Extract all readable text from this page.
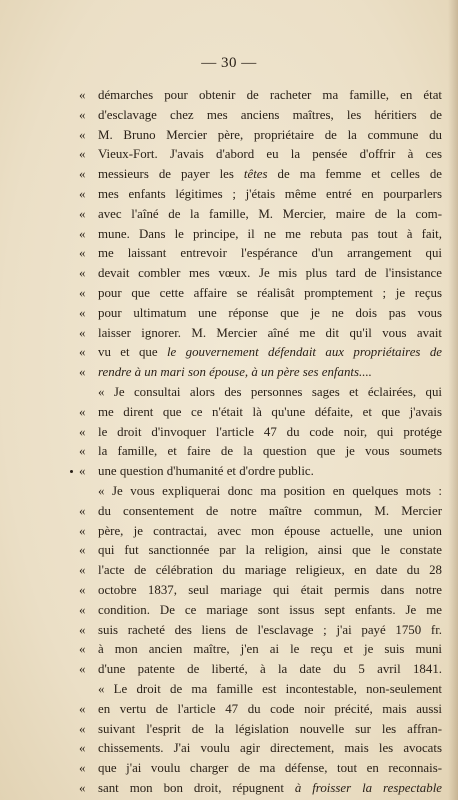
— 30 —
« démarches pour obtenir de racheter ma famille, en état
« d'esclavage chez mes anciens maîtres, les héritiers de
« M. Bruno Mercier père, propriétaire de la commune du
« Vieux-Fort. J'avais d'abord eu la pensée d'offrir à ces
« messieurs de payer les têtes de ma femme et celles de
« mes enfants légitimes ; j'étais même entré en pourparlers
« avec l'aîné de la famille, M. Mercier, maire de la com-
« mune. Dans le principe, il ne me rebuta pas tout à fait,
« me laissant entrevoir l'espérance d'un arrangement qui
« devait combler mes vœux. Je mis plus tard de l'insistance
« pour que cette affaire se réalisât promptement ; je reçus
« pour ultimatum une réponse que je ne dois pas vous
« laisser ignorer. M. Mercier aîné me dit qu'il vous avait
« vu et que le gouvernement défendait aux propriétaires de
« rendre à un mari son épouse, à un père ses enfants....
« Je consultai alors des personnes sages et éclairées, qui
« me dirent que ce n'était là qu'une défaite, et que j'avais
« le droit d'invoquer l'article 47 du code noir, qui protége
« la famille, et faire de la question que je vous soumets
« une question d'humanité et d'ordre public.
« Je vous expliquerai donc ma position en quelques mots :
« du consentement de notre maître commun, M. Mercier
« père, je contractai, avec mon épouse actuelle, une union
« qui fut sanctionnée par la religion, ainsi que le constate
« l'acte de célébration du mariage religieux, en date du 28
« octobre 1837, seul mariage qui était permis dans notre
« condition. De ce mariage sont issus sept enfants. Je me
« suis racheté des liens de l'esclavage ; j'ai payé 1750 fr.
« à mon ancien maître, j'en ai le reçu et je suis muni
« d'une patente de liberté, à la date du 5 avril 1841.
« Le droit de ma famille est incontestable, non-seulement
« en vertu de l'article 47 du code noir précité, mais aussi
« suivant l'esprit de la législation nouvelle sur les affran-
« chissements. J'ai voulu agir directement, mais les avocats
« que j'ai voulu charger de ma défense, tout en reconnais-
« sant mon bon droit, répugnent à froisser la respectable
